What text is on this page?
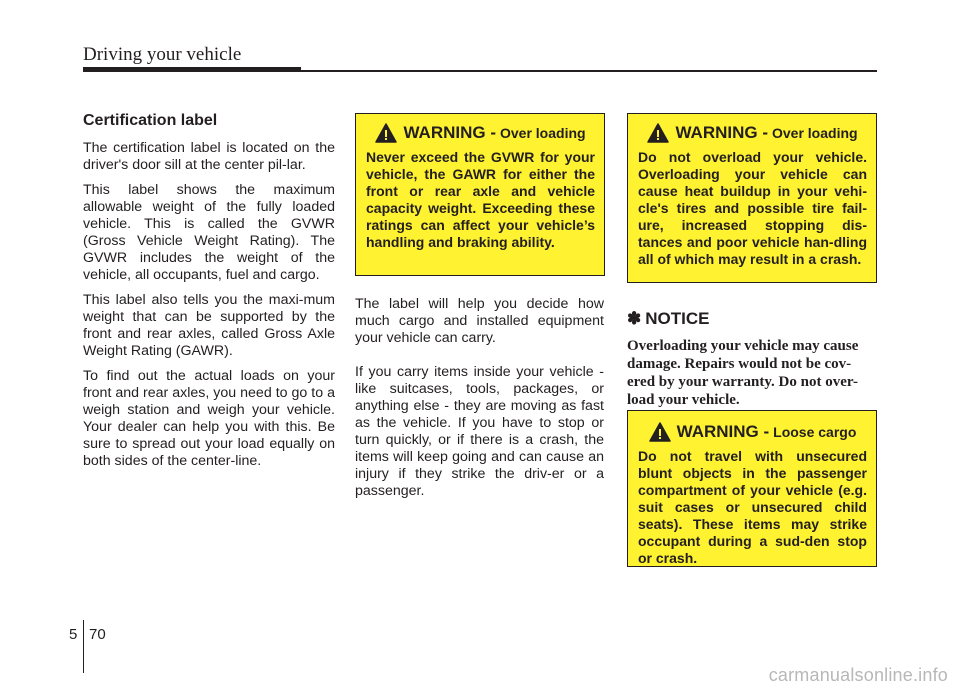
Driving your vehicle
Certification label

The certification label is located on the driver's door sill at the center pil-lar.

This label shows the maximum allowable weight of the fully loaded vehicle. This is called the GVWR (Gross Vehicle Weight Rating). The GVWR includes the weight of the vehicle, all occupants, fuel and cargo.

This label also tells you the maxi-mum weight that can be supported by the front and rear axles, called Gross Axle Weight Rating (GAWR).

To find out the actual loads on your front and rear axles, you need to go to a weigh station and weigh your vehicle. Your dealer can help you with this. Be sure to spread out your load equally on both sides of the center-line.

WARNING - Over loading
Never exceed the GVWR for your vehicle, the GAWR for either the front or rear axle and vehicle capacity weight. Exceeding these ratings can affect your vehicle’s handling and braking ability.

The label will help you decide how much cargo and installed equipment your vehicle can carry.

If you carry items inside your vehicle - like suitcases, tools, packages, or anything else - they are moving as fast as the vehicle. If you have to stop or turn quickly, or if there is a crash, the items will keep going and can cause an injury if they strike the driv-er or a passenger.

WARNING - Over loading
Do not overload your vehicle. Overloading your vehicle can cause heat buildup in your vehi-cle's tires and possible tire fail-ure, increased stopping dis-tances and poor vehicle han-dling all of which may result in a crash.
✽ NOTICE

Overloading your vehicle may cause damage. Repairs would not be cov-ered by your warranty. Do not over-load your vehicle.

WARNING - Loose cargo
Do not travel with unsecured blunt objects in the passenger compartment of your vehicle (e.g. suit cases or unsecured child seats). These items may strike occupant during a sud-den stop or crash.
5 70
carmanualsonline.info
